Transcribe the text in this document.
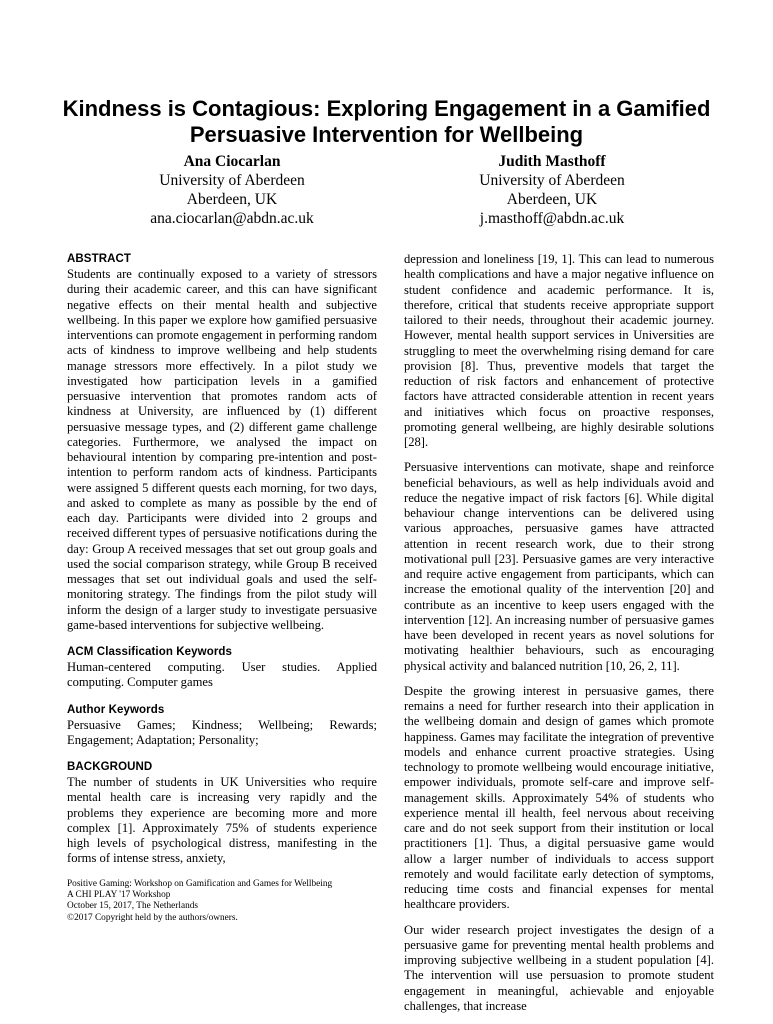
Kindness is Contagious: Exploring Engagement in a Gamified Persuasive Intervention for Wellbeing
Ana Ciocarlan
University of Aberdeen
Aberdeen, UK
ana.ciocarlan@abdn.ac.uk
Judith Masthoff
University of Aberdeen
Aberdeen, UK
j.masthoff@abdn.ac.uk
ABSTRACT

Students are continually exposed to a variety of stressors during their academic career, and this can have significant negative effects on their mental health and subjective wellbeing. In this paper we explore how gamified persuasive interventions can promote engagement in performing random acts of kindness to improve wellbeing and help students manage stressors more effectively. In a pilot study we investigated how participation levels in a gamified persuasive intervention that promotes random acts of kindness at University, are influenced by (1) different persuasive message types, and (2) different game challenge categories. Furthermore, we analysed the impact on behavioural intention by comparing pre-intention and post-intention to perform random acts of kindness. Participants were assigned 5 different quests each morning, for two days, and asked to complete as many as possible by the end of each day. Participants were divided into 2 groups and received different types of persuasive notifications during the day: Group A received messages that set out group goals and used the social comparison strategy, while Group B received messages that set out individual goals and used the self-monitoring strategy. The findings from the pilot study will inform the design of a larger study to investigate persuasive game-based interventions for subjective wellbeing.

ACM Classification Keywords

Human-centered computing. User studies. Applied computing. Computer games

Author Keywords

Persuasive Games; Kindness; Wellbeing; Rewards; Engagement; Adaptation; Personality;

BACKGROUND

The number of students in UK Universities who require mental health care is increasing very rapidly and the problems they experience are becoming more and more complex [1]. Approximately 75% of students experience high levels of psychological distress, manifesting in the forms of intense stress, anxiety,

depression and loneliness [19, 1]. This can lead to numerous health complications and have a major negative influence on student confidence and academic performance. It is, therefore, critical that students receive appropriate support tailored to their needs, throughout their academic journey. However, mental health support services in Universities are struggling to meet the overwhelming rising demand for care provision [8]. Thus, preventive models that target the reduction of risk factors and enhancement of protective factors have attracted considerable attention in recent years and initiatives which focus on proactive responses, promoting general wellbeing, are highly desirable solutions [28].

Persuasive interventions can motivate, shape and reinforce beneficial behaviours, as well as help individuals avoid and reduce the negative impact of risk factors [6]. While digital behaviour change interventions can be delivered using various approaches, persuasive games have attracted attention in recent research work, due to their strong motivational pull [23]. Persuasive games are very interactive and require active engagement from participants, which can increase the emotional quality of the intervention [20] and contribute as an incentive to keep users engaged with the intervention [12]. An increasing number of persuasive games have been developed in recent years as novel solutions for motivating healthier behaviours, such as encouraging physical activity and balanced nutrition [10, 26, 2, 11].

Despite the growing interest in persuasive games, there remains a need for further research into their application in the wellbeing domain and design of games which promote happiness. Games may facilitate the integration of preventive models and enhance current proactive strategies. Using technology to promote wellbeing would encourage initiative, empower individuals, promote self-care and improve self-management skills. Approximately 54% of students who experience mental ill health, feel nervous about receiving care and do not seek support from their institution or local practitioners [1]. Thus, a digital persuasive game would allow a larger number of individuals to access support remotely and would facilitate early detection of symptoms, reducing time costs and financial expenses for mental healthcare providers.

Our wider research project investigates the design of a persuasive game for preventing mental health problems and improving subjective wellbeing in a student population [4]. The intervention will use persuasion to promote student engagement in meaningful, achievable and enjoyable challenges, that increase

Positive Gaming: Workshop on Gamification and Games for Wellbeing
A CHI PLAY '17 Workshop
October 15, 2017, The Netherlands
©2017 Copyright held by the authors/owners.
